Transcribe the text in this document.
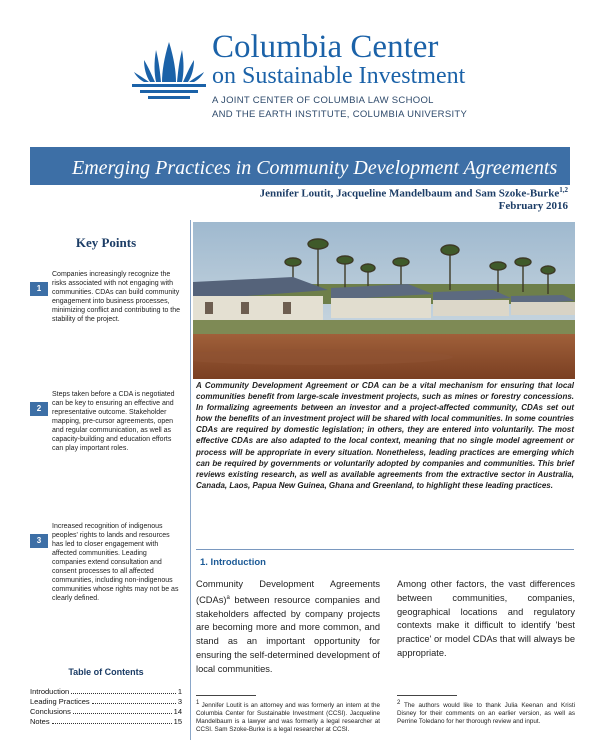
Columbia Center
on Sustainable Investment
A JOINT CENTER OF COLUMBIA LAW SCHOOL
AND THE EARTH INSTITUTE, COLUMBIA UNIVERSITY
Emerging Practices in Community Development Agreements
Jennifer Loutit, Jacqueline Mandelbaum and Sam Szoke-Burke$^{1,2}$
February 2016
Key Points
1
Companies increasingly recognize the risks associated with not engaging with communities. CDAs can build community engagement into business processes, minimizing conflict and contributing to the stability of the project.
2
Steps taken before a CDA is negotiated can be key to ensuring an effective and representative outcome. Stakeholder mapping, pre-cursor agreements, open and regular communication, as well as capacity-building and education efforts can play important roles.
3
Increased recognition of indigenous peoples' rights to lands and resources has led to closer engagement with affected communities. Leading companies extend consultation and consent processes to all affected communities, including non-indigenous communities whose rights may not be as clearly defined.
Table of Contents
Introduction	1
Leading Practices	3
Conclusions	14
Notes	15
A Community Development Agreement or CDA can be a vital mechanism for ensuring that local communities benefit from large-scale investment projects, such as mines or forestry concessions. In formalizing agreements between an investor and a project-affected community, CDAs set out how the benefits of an investment project will be shared with local communities. In some countries CDAs are required by domestic legislation; in others, they are entered into voluntarily. The most effective CDAs are also adapted to the local context, meaning that no single model agreement or process will be appropriate in every situation. Nonetheless, leading practices are emerging which can be required by governments or voluntarily adopted by companies and communities. This brief reviews existing research, as well as available agreements from the extractive sector in Australia, Canada, Laos, Papua New Guinea, Ghana and Greenland, to highlight these leading practices.
1. Introduction
Community Development Agreements (CDAs)$^a$ between resource companies and stakeholders affected by company projects are becoming more and more common, and stand as an important opportunity for ensuring the self-determined development of local communities.
Among other factors, the vast differences between communities, companies, geographical locations and regulatory contexts make it difficult to identify 'best practice' or model CDAs that will always be appropriate.
$^1$ Jennifer Loutit is an attorney and was formerly an intern at the Columbia Center for Sustainable Investment (CCSI). Jacqueline Mandelbaum is a lawyer and was formerly a legal researcher at CCSI. Sam Szoke-Burke is a legal researcher at CCSI.
$^2$ The authors would like to thank Julia Keenan and Kristi Disney for their comments on an earlier version, as well as Perrine Toledano for her thorough review and input.
